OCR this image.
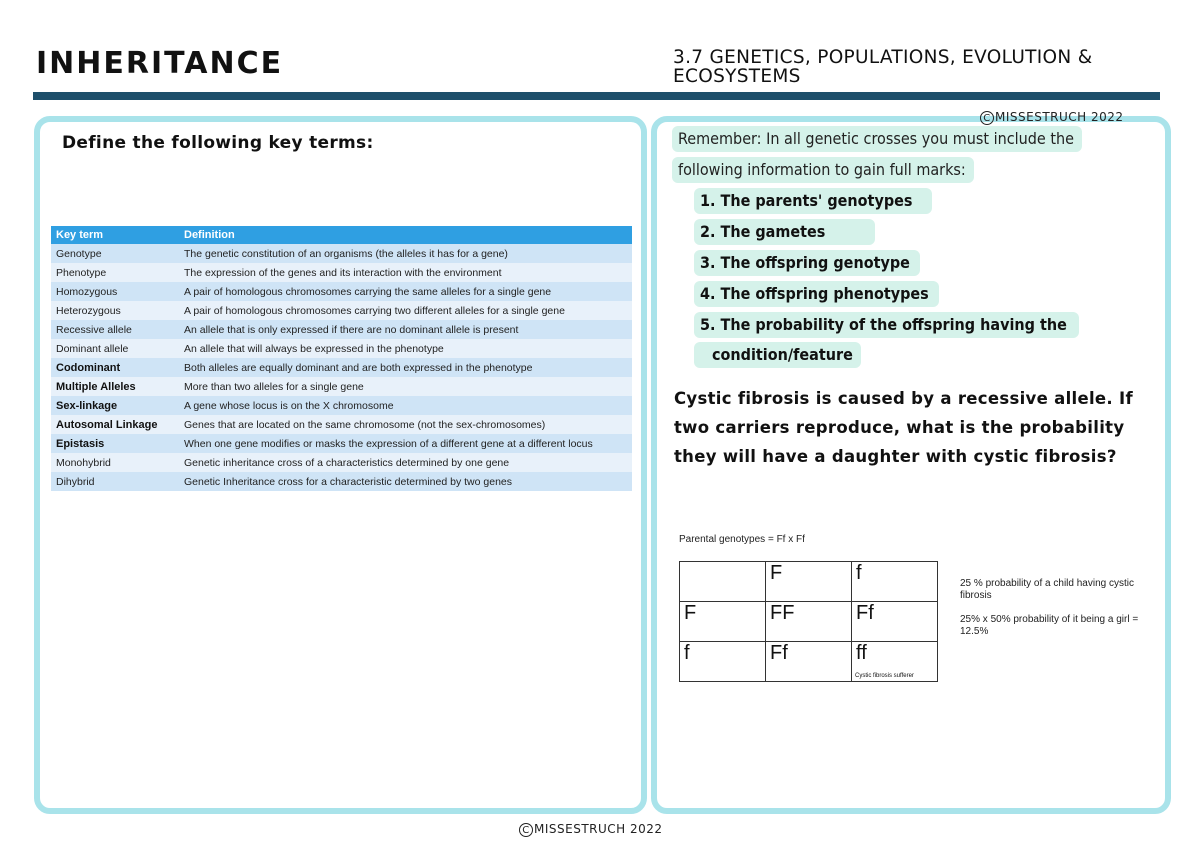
INHERITANCE	3.7 GENETICS, POPULATIONS, EVOLUTION & ECOSYSTEMS
C MISSESTRUCH 2022
Define the following key terms:
Key term	Definition
Genotype	The genetic constitution of an organisms (the alleles it has for a gene)
Phenotype	The expression of the genes and its interaction with the environment
Homozygous	A pair of homologous chromosomes carrying the same alleles for a single gene
Heterozygous	A pair of homologous chromosomes carrying two different alleles for a single gene
Recessive allele	An allele that is only expressed if there are no dominant allele is present
Dominant allele	An allele that will always be expressed in the phenotype
Codominant	Both alleles are equally dominant and are both expressed in the phenotype
Multiple Alleles	More than two alleles for a single gene
Sex-linkage	A gene whose locus is on the X chromosome
Autosomal Linkage	Genes that are located on the same chromosome (not the sex-chromosomes)
Epistasis	When one gene modifies or masks the expression of a different gene at a different locus
Monohybrid	Genetic inheritance cross of a characteristics determined by one gene
Dihybrid	Genetic Inheritance cross for a characteristic determined by two genes
Remember: In all genetic crosses you must include the
following information to gain full marks:
1. The parents' genotypes
2. The gametes
3. The offspring genotype
4. The offspring phenotypes
5. The probability of the offspring having the
condition/feature
Cystic fibrosis is caused by a recessive allele. If two carriers reproduce, what is the probability they will have a daughter with cystic fibrosis?
Parental genotypes = Ff x Ff
	F	f
F	FF	Ff
f	Ff	ff
Cystic fibrosis sufferer

25 % probability of a child having cystic fibrosis

25% x 50% probability of it being a girl = 12.5%

C MISSESTRUCH 2022
